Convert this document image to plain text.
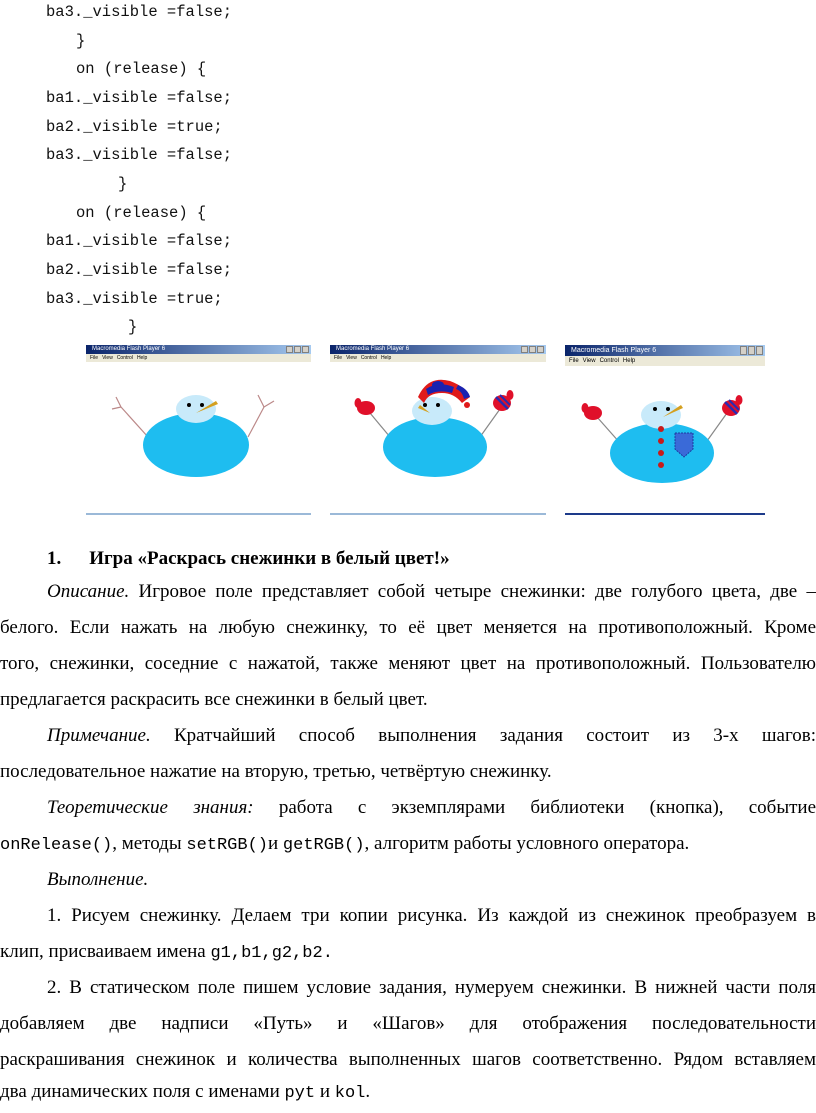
ba3._visible =false;
}
on (release) {
ba1._visible =false;
ba2._visible =true;
ba3._visible =false;
}
on (release) {
ba1._visible =false;
ba2._visible =false;
ba3._visible =true;
}
Macromedia Flash Player 6
File View Control Help
Macromedia Flash Player 6
File View Control Help
Macromedia Flash Player 6
File View Control Help
1. Игра «Раскрась снежинки в белый цвет!»
Описание. Игровое поле представляет собой четыре снежинки: две голубого цвета, две –
белого. Если нажать на любую снежинку, то её цвет меняется на противоположный. Кроме
того, снежинки, соседние с нажатой, также меняют цвет на противоположный. Пользователю
предлагается раскрасить все снежинки в белый цвет.
Примечание. Кратчайший способ выполнения задания состоит из 3-х шагов:
последовательное нажатие на вторую, третью, четвёртую снежинку.
Теоретические знания: работа с экземплярами библиотеки (кнопка), событие
onRelease(), методы setRGB()и getRGB(), алгоритм работы условного оператора.
Выполнение.
1. Рисуем снежинку. Делаем три копии рисунка. Из каждой из снежинок преобразуем в
клип, присваиваем имена g1,b1,g2,b2.
2. В статическом поле пишем условие задания, нумеруем снежинки. В нижней части поля
добавляем две надписи «Путь» и «Шагов» для отображения последовательности
раскрашивания снежинок и количества выполненных шагов соответственно. Рядом вставляем
два динамических поля с именами pyt и kol.
